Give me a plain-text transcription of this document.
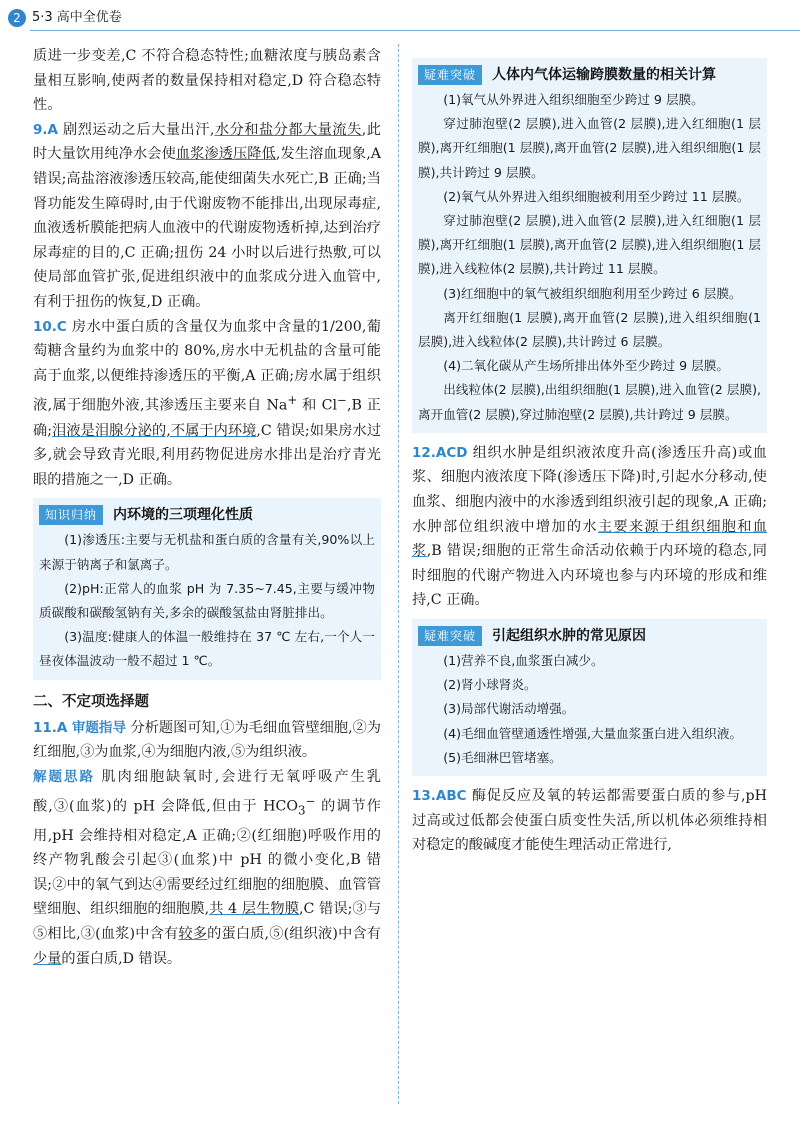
2 5·3 高中全优卷

质进一步变差,C 不符合稳态特性;血糖浓度与胰岛素含量相互影响,使两者的数量保持相对稳定,D 符合稳态特性。

9.A 剧烈运动之后大量出汗,水分和盐分都大量流失,此时大量饮用纯净水会使血浆渗透压降低,发生溶血现象,A 错误;高盐溶液渗透压较高,能使细菌失水死亡,B 正确;当肾功能发生障碍时,由于代谢废物不能排出,出现尿毒症,血液透析膜能把病人血液中的代谢废物透析掉,达到治疗尿毒症的目的,C 正确;扭伤 24 小时以后进行热敷,可以使局部血管扩张,促进组织液中的血浆成分进入血管中,有利于扭伤的恢复,D 正确。

10.C 房水中蛋白质的含量仅为血浆中含量的1/200,葡萄糖含量约为血浆中的 80%,房水中无机盐的含量可能高于血浆,以便维持渗透压的平衡,A 正确;房水属于组织液,属于细胞外液,其渗透压主要来自 Na+ 和 Cl−,B 正确;泪液是泪腺分泌的,不属于内环境,C 错误;如果房水过多,就会导致青光眼,利用药物促进房水排出是治疗青光眼的措施之一,D 正确。

知识归纳	内环境的三项理化性质

(1)渗透压:主要与无机盐和蛋白质的含量有关,90%以上来源于钠离子和氯离子。

(2)pH:正常人的血浆 pH 为 7.35~7.45,主要与缓冲物质碳酸和碳酸氢钠有关,多余的碳酸氢盐由肾脏排出。

(3)温度:健康人的体温一般维持在 37 ℃ 左右,一个人一昼夜体温波动一般不超过 1 ℃。

二、不定项选择题

11.A 审题指导 分析题图可知,①为毛细血管壁细胞,②为红细胞,③为血浆,④为细胞内液,⑤为组织液。

解题思路 肌肉细胞缺氧时,会进行无氧呼吸产生乳酸,③(血浆)的 pH 会降低,但由于 $HCO_3^-$ 的调节作用,pH 会维持相对稳定,A 正确;②(红细胞)呼吸作用的终产物乳酸会引起③(血浆)中 pH 的微小变化,B 错误;②中的氧气到达④需要经过红细胞的细胞膜、血管管壁细胞、组织细胞的细胞膜,共 4 层生物膜,C 错误;③与⑤相比,③(血浆)中含有较多的蛋白质,⑤(组织液)中含有少量的蛋白质,D 错误。

疑难突破	人体内气体运输跨膜数量的相关计算

(1)氧气从外界进入组织细胞至少跨过 9 层膜。

穿过肺泡壁(2 层膜),进入血管(2 层膜),进入红细胞(1 层膜),离开红细胞(1 层膜),离开血管(2 层膜),进入组织细胞(1 层膜),共计跨过 9 层膜。

(2)氧气从外界进入组织细胞被利用至少跨过 11 层膜。

穿过肺泡壁(2 层膜),进入血管(2 层膜),进入红细胞(1 层膜),离开红细胞(1 层膜),离开血管(2 层膜),进入组织细胞(1 层膜),进入线粒体(2 层膜),共计跨过 11 层膜。

(3)红细胞中的氧气被组织细胞利用至少跨过 6 层膜。

离开红细胞(1 层膜),离开血管(2 层膜),进入组织细胞(1 层膜),进入线粒体(2 层膜),共计跨过 6 层膜。

(4)二氧化碳从产生场所排出体外至少跨过 9 层膜。

出线粒体(2 层膜),出组织细胞(1 层膜),进入血管(2 层膜),离开血管(2 层膜),穿过肺泡壁(2 层膜),共计跨过 9 层膜。

12.ACD 组织水肿是组织液浓度升高(渗透压升高)或血浆、细胞内液浓度下降(渗透压下降)时,引起水分移动,使血浆、细胞内液中的水渗透到组织液引起的现象,A 正确;水肿部位组织液中增加的水主要来源于组织细胞和血浆,B 错误;细胞的正常生命活动依赖于内环境的稳态,同时细胞的代谢产物进入内环境也参与内环境的形成和维持,C 正确。

疑难突破	引起组织水肿的常见原因

(1)营养不良,血浆蛋白减少。

(2)肾小球肾炎。

(3)局部代谢活动增强。

(4)毛细血管壁通透性增强,大量血浆蛋白进入组织液。

(5)毛细淋巴管堵塞。

13.ABC 酶促反应及氧的转运都需要蛋白质的参与,pH 过高或过低都会使蛋白质变性失活,所以机体必须维持相对稳定的酸碱度才能使生理活动正常进行,
